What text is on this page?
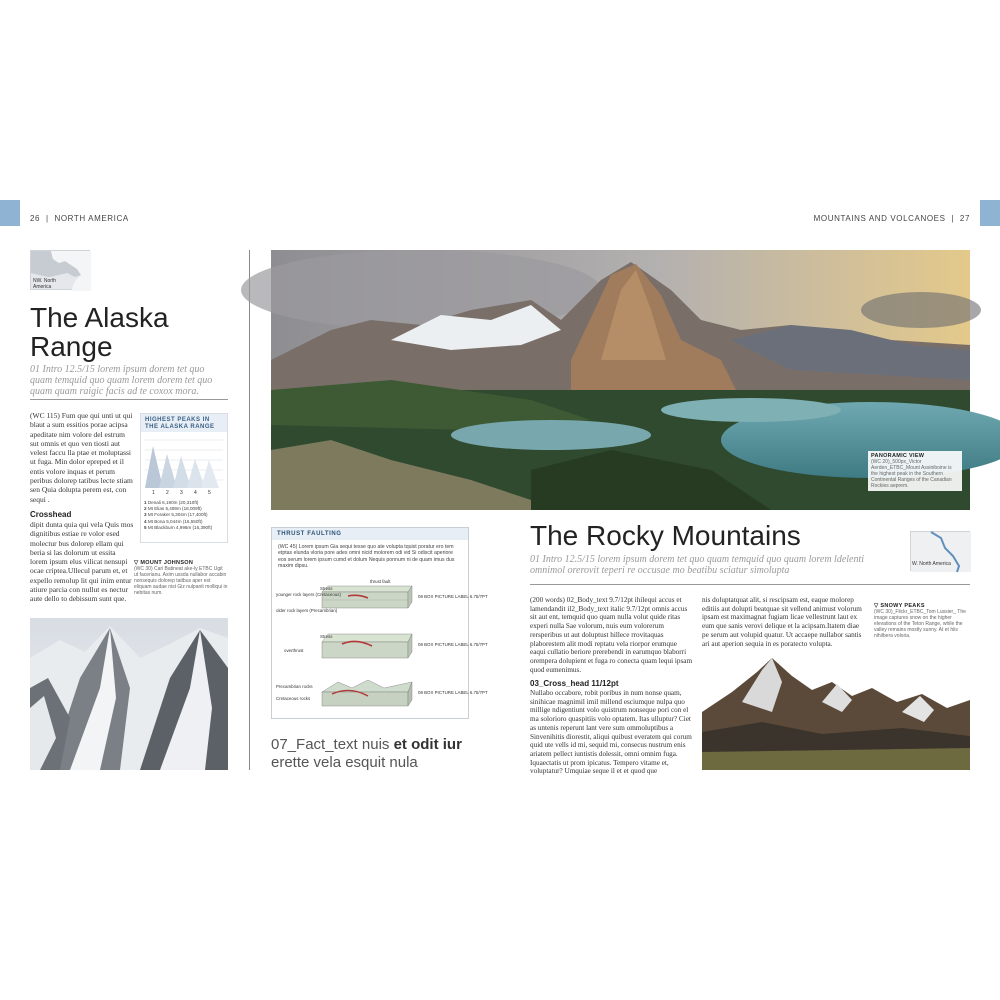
26 | NORTH AMERICA	MOUNTAINS AND VOLCANOES | 27
NW. North America
The Alaska
Range
01 Intro 12.5/15 lorem ipsum dorem tet quo quam temquid quo quam lorem dorem tet quo quam quam raigic facis ad te coxox mora.
(WC 115) Fum que qui unti ut qui blaut a sum essitios porae acipsa apeditate nim volore del estrum sut omnis et quo ven tiosti aut velest faccu lla ptae et moluptassi ut fuga. Min dolor epreped et il entis volore inquas et perum peribus dolorep tatibus lecte stiam sen Quia dolupta perem est, con sequi .
Crosshead
dipit dunta quia qui vela Quis mos dignitibus estiae re volor esed molectur bus dolorep ellam qui beria si las dolorum ut essita lorem ipsum elus vilicat nensupi ocae criptea.Ullecul parum et, et expello remolup lit qui inim entur atiure parcia con nullut es nectur aute dello to debissum sunt que.
HIGHEST PEAKS IN THE ALASKA RANGE
1 2 3 4 5
1 Denali 6,190m (20,310ft)
2 Mt Elias 5,489m (18,009ft)
3 Mt Foraker 5,304m (17,400ft)
4 Mt Bona 5,044m (16,550ft)
5 Mt Blackburn 4,996m (16,390ft)
▽ MOUNT JOHNSON
(WC 30) Cari Batineat ake-ly ETBC Ugit ut facerianu. Axim ussda nullabor accabin nonsequis dolorep tatibus aper est eliquam audae nist Giz nulpanit molliqui in nebitas num.
PANORAMIC VIEW
(WC 20)_500px_Victor Aerden_ETBC_Mount Assiniboine is the highest peak in the Southern Continental Ranges of the Canadian Rockies aeprem.
THRUST FAULTING
(WC 45) Lorem ipsum Gia sequi tesse quo ate volupta tquist poratur ero tem etptas elunda vloria pore ades omni nicid molorem odi vid Si odiscit aperiore eos serum lorem ipsum cumd et dolum Nequis ponnum ni de quam imus dus maxim dipsu.
thrust fault
younger rock layers (Cretaceous)
older rock layers (Precambrian)
Stress
Stress
overthrust
Precambrian rocks
Cretaceous rocks
08 BOX PICTURE LABEL 6.75/7PT
08 BOX PICTURE LABEL 6.75/7PT
08 BOX PICTURE LABEL 6.75/7PT
07_Fact_text nuis et odit iur
erette vela esquit nula
The Rocky Mountains
01 Intro 12.5/15 lorem ipsum dorem tet quo quam temquid quo quam lorem ldelenti omnimol orerovit teperi re occusae mo beatibu sciatur simolupta
W. North America
(200 words) 02_Body_text 9.7/12pt ihilequi accus et lamendandit il2_Body_text italic 9.7/12pt omnis accus sit aut ent, temquid quo quam nulla volut quide ritas experi nulla Sae volorum, nuis eum volorerum rersperibus ut aut doluptust hillece rrovitaquas plaborestem alit modi reptatu vela riorpor erumque eaqui cullatio beriore prerebendi in earumquo blaborri orempera dolupient et fuga ro conecta quam lequi ipsam quod eumenimus.
03_Cross_head 11/12pt
Nullabo occabore, robit poribus in num nonse quam, sinihicae magnimil imil millend esciumque nulpa quo millige ndigentiunt volo quistrum nonseque pori con el ma solorioro quaspitiis volo optatem. Itas ulluptur? Ciet as untenis reperunt lant vere sum ommoluptibus a Sinvenihitis diorestit, aliqui quibust everatem qui corum quid ute vells id mi, sequid mi, consecus nustrum enis ariatem pellect iuntistis dolessit, omni omnim fuga. Iquaectatis ut prom ipicatus. Tempero vitame et, voluptatur? Umquiae seque il et et quod que
nis doluptatquat alit, si rescipsam est, eaque molorep editiis aut dolupti beatquae sit vellend animust volorum ipsam est maximagnat fugiam licae vellestrunt laut ex eum que sanis verovi delique et la acipsam.Itatem diae pe serum aut volupid quatur. Ut accaepe nullabor santis ari aut aperion sequia in es poratecto volupta.
▽ SNOWY PEAKS
(WC 30)_Flickr_ETBC_Tom Lussier_ The image captures snow on the higher elevations of the Teton Range, while the valley remains mostly sunny. At et hiis nihilbera voloria.
